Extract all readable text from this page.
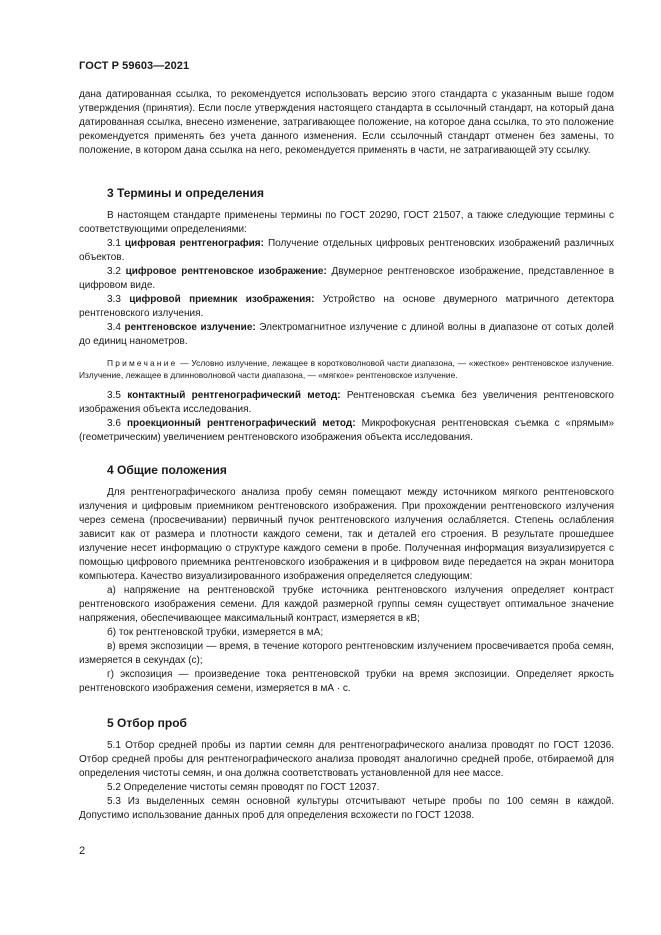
ГОСТ Р 59603—2021

дана датированная ссылка, то рекомендуется использовать версию этого стандарта с указанным выше годом утверждения (принятия). Если после утверждения настоящего стандарта в ссылочный стандарт, на который дана датированная ссылка, внесено изменение, затрагивающее положение, на которое дана ссылка, то это положение рекомендуется применять без учета данного изменения. Если ссылочный стандарт отменен без замены, то положение, в котором дана ссылка на него, рекомендуется применять в части, не затрагивающей эту ссылку.

3 Термины и определения

В настоящем стандарте применены термины по ГОСТ 20290, ГОСТ 21507, а также следующие термины с соответствующими определениями:

3.1 цифровая рентгенография: Получение отдельных цифровых рентгеновских изображений различных объектов.

3.2 цифровое рентгеновское изображение: Двумерное рентгеновское изображение, представленное в цифровом виде.

3.3 цифровой приемник изображения: Устройство на основе двумерного матричного детектора рентгеновского излучения.

3.4 рентгеновское излучение: Электромагнитное излучение с длиной волны в диапазоне от сотых долей до единиц нанометров.

Примечание — Условно излучение, лежащее в коротковолновой части диапазона, — «жесткое» рентгеновское излучение. Излучение, лежащее в длинноволновой части диапазона, — «мягкое» рентгеновское излучение.

3.5 контактный рентгенографический метод: Рентгеновская съемка без увеличения рентгеновского изображения объекта исследования.

3.6 проекционный рентгенографический метод: Микрофокусная рентгеновская съемка с «прямым» (геометрическим) увеличением рентгеновского изображения объекта исследования.

4 Общие положения

Для рентгенографического анализа пробу семян помещают между источником мягкого рентгеновского излучения и цифровым приемником рентгеновского изображения. При прохождении рентгеновского излучения через семена (просвечивании) первичный пучок рентгеновского излучения ослабляется. Степень ослабления зависит как от размера и плотности каждого семени, так и деталей его строения. В результате прошедшее излучение несет информацию о структуре каждого семени в пробе. Полученная информация визуализируется с помощью цифрового приемника рентгеновского изображения и в цифровом виде передается на экран монитора компьютера. Качество визуализированного изображения определяется следующим:

а) напряжение на рентгеновской трубке источника рентгеновского излучения определяет контраст рентгеновского изображения семени. Для каждой размерной группы семян существует оптимальное значение напряжения, обеспечивающее максимальный контраст, измеряется в кВ;

б) ток рентгеновской трубки, измеряется в мА;

в) время экспозиции — время, в течение которого рентгеновским излучением просвечивается проба семян, измеряется в секундах (с);

г) экспозиция — произведение тока рентгеновской трубки на время экспозиции. Определяет яркость рентгеновского изображения семени, измеряется в мА · с.

5 Отбор проб

5.1 Отбор средней пробы из партии семян для рентгенографического анализа проводят по ГОСТ 12036. Отбор средней пробы для рентгенографического анализа проводят аналогично средней пробе, отбираемой для определения чистоты семян, и она должна соответствовать установленной для нее массе.

5.2 Определение чистоты семян проводят по ГОСТ 12037.

5.3 Из выделенных семян основной культуры отсчитывают четыре пробы по 100 семян в каждой. Допустимо использование данных проб для определения всхожести по ГОСТ 12038.

2
